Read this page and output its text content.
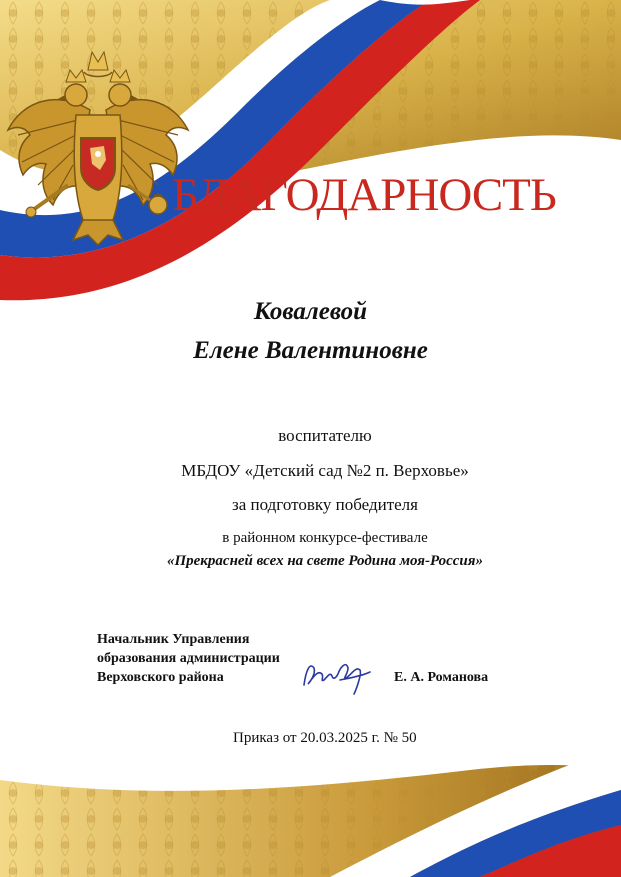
БЛАГОДАРНОСТЬ
Ковалевой
Елене Валентиновне
воспитателю
МБДОУ «Детский сад №2 п. Верховье»
за подготовку победителя
в районном конкурсе-фестивале
«Прекрасней всех на свете Родина моя-Россия»
Начальник Управления
образования администрации
Верховского района	Е. А. Романова
Приказ от 20.03.2025 г. № 50
